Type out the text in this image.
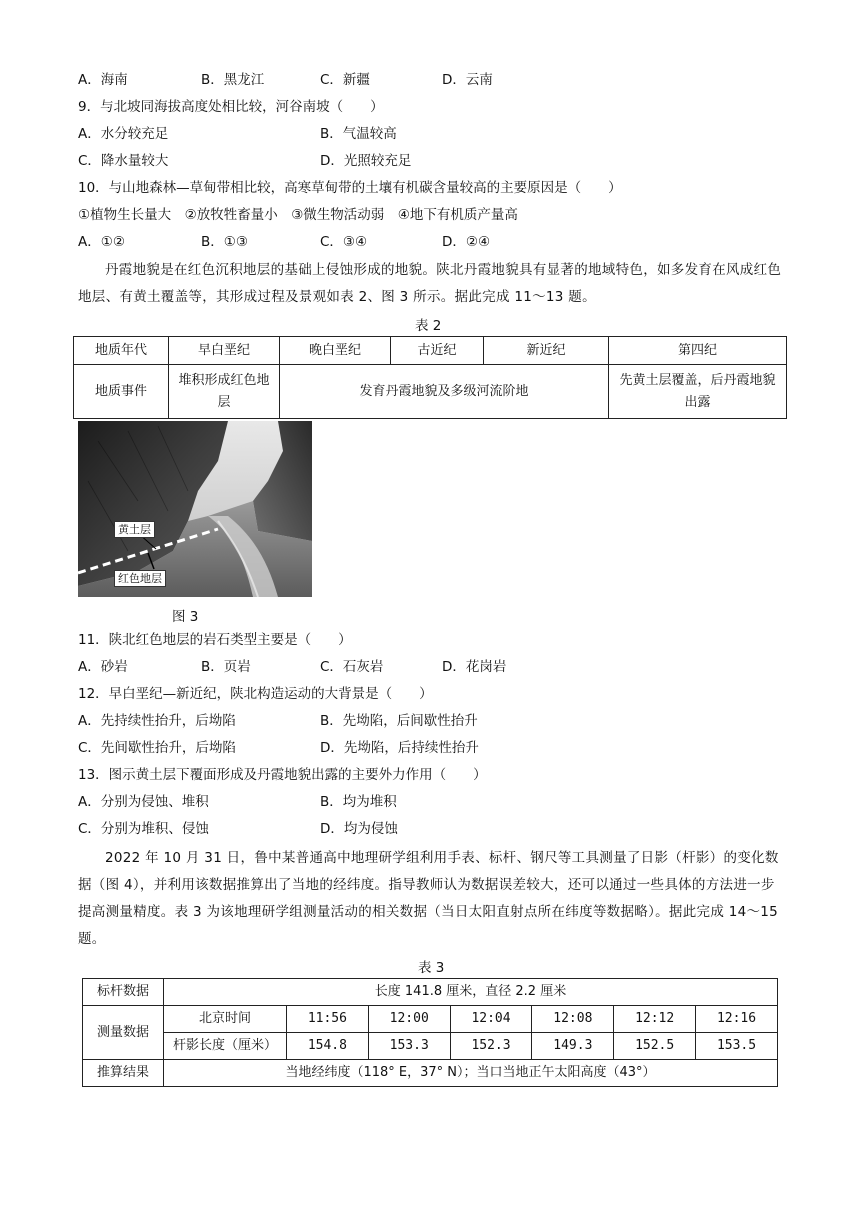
A．海南	B．黑龙江	C．新疆	D．云南
9．与北坡同海拔高度处相比较，河谷南坡（　　）
A．水分较充足	B．气温较高
C．降水量较大	D．光照较充足
10．与山地森林—草甸带相比较，高寒草甸带的土壤有机碳含量较高的主要原因是（　　）
①植物生长量大　②放牧牲畜量小　③微生物活动弱　④地下有机质产量高
A．①②	B．①③	C．③④	D．②④
丹霞地貌是在红色沉积地层的基础上侵蚀形成的地貌。陕北丹霞地貌具有显著的地域特色，如多发育在风成红色地层、有黄土覆盖等，其形成过程及景观如表 2、图 3 所示。据此完成 11～13 题。
表 2
地质年代	早白垩纪	晚白垩纪	古近纪	新近纪	第四纪
地质事件	堆积形成红色地层	发育丹霞地貌及多级河流阶地			先黄土层覆盖，后丹霞地貌出露
黄土层
红色地层
图 3
11．陕北红色地层的岩石类型主要是（　　）
A．砂岩	B．页岩	C．石灰岩	D．花岗岩
12．早白垩纪—新近纪，陕北构造运动的大背景是（　　）
A．先持续性抬升，后坳陷	B．先坳陷，后间歇性抬升
C．先间歇性抬升，后坳陷	D．先坳陷，后持续性抬升
13．图示黄土层下覆面形成及丹霞地貌出露的主要外力作用（　　）
A．分别为侵蚀、堆积	B．均为堆积
C．分别为堆积、侵蚀	D．均为侵蚀
2022 年 10 月 31 日，鲁中某普通高中地理研学组利用手表、标杆、钢尺等工具测量了日影（杆影）的变化数据（图 4），并利用该数据推算出了当地的经纬度。指导教师认为数据误差较大，还可以通过一些具体的方法进一步提高测量精度。表 3 为该地理研学组测量活动的相关数据（当日太阳直射点所在纬度等数据略）。据此完成 14～15 题。
表 3
标杆数据	长度 141.8 厘米，直径 2.2 厘米						
测量数据	北京时间	11:56	12:00	12:04	12:08	12:12	12:16
	杆影长度（厘米）	154.8	153.3	152.3	149.3	152.5	153.5
推算结果	当地经纬度（118° E，37° N）；当口当地正午太阳高度（43°）						
